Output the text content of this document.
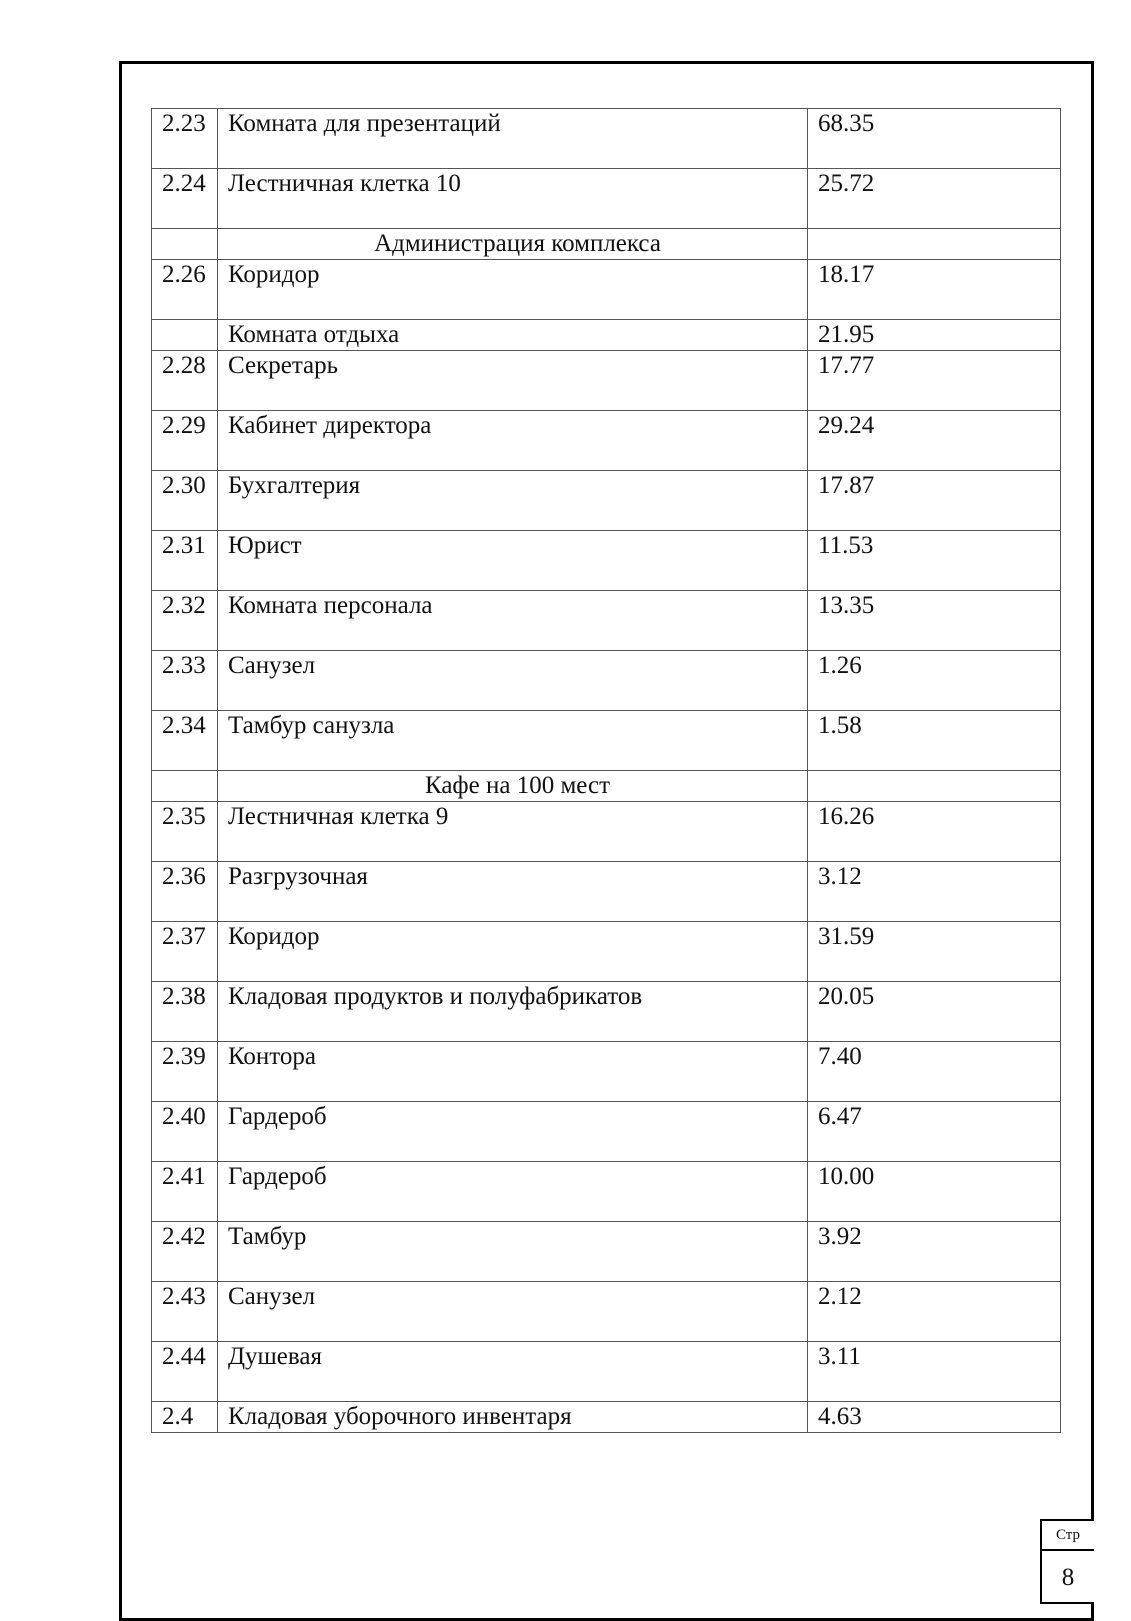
2.23	Комната для презентаций	68.35
2.24	Лестничная клетка 10	25.72
	Администрация комплекса	
2.26	Коридор	18.17
	Комната отдыха	21.95
2.28	Секретарь	17.77
2.29	Кабинет директора	29.24
2.30	Бухгалтерия	17.87
2.31	Юрист	11.53
2.32	Комната персонала	13.35
2.33	Санузел	1.26
2.34	Тамбур санузла	1.58
	Кафе на 100 мест	
2.35	Лестничная клетка 9	16.26
2.36	Разгрузочная	3.12
2.37	Коридор	31.59
2.38	Кладовая продуктов и полуфабрикатов	20.05
2.39	Контора	7.40
2.40	Гардероб	6.47
2.41	Гардероб	10.00
2.42	Тамбур	3.92
2.43	Санузел	2.12
2.44	Душевая	3.11
2.4	Кладовая уборочного инвентаря	4.63
Стр
8
